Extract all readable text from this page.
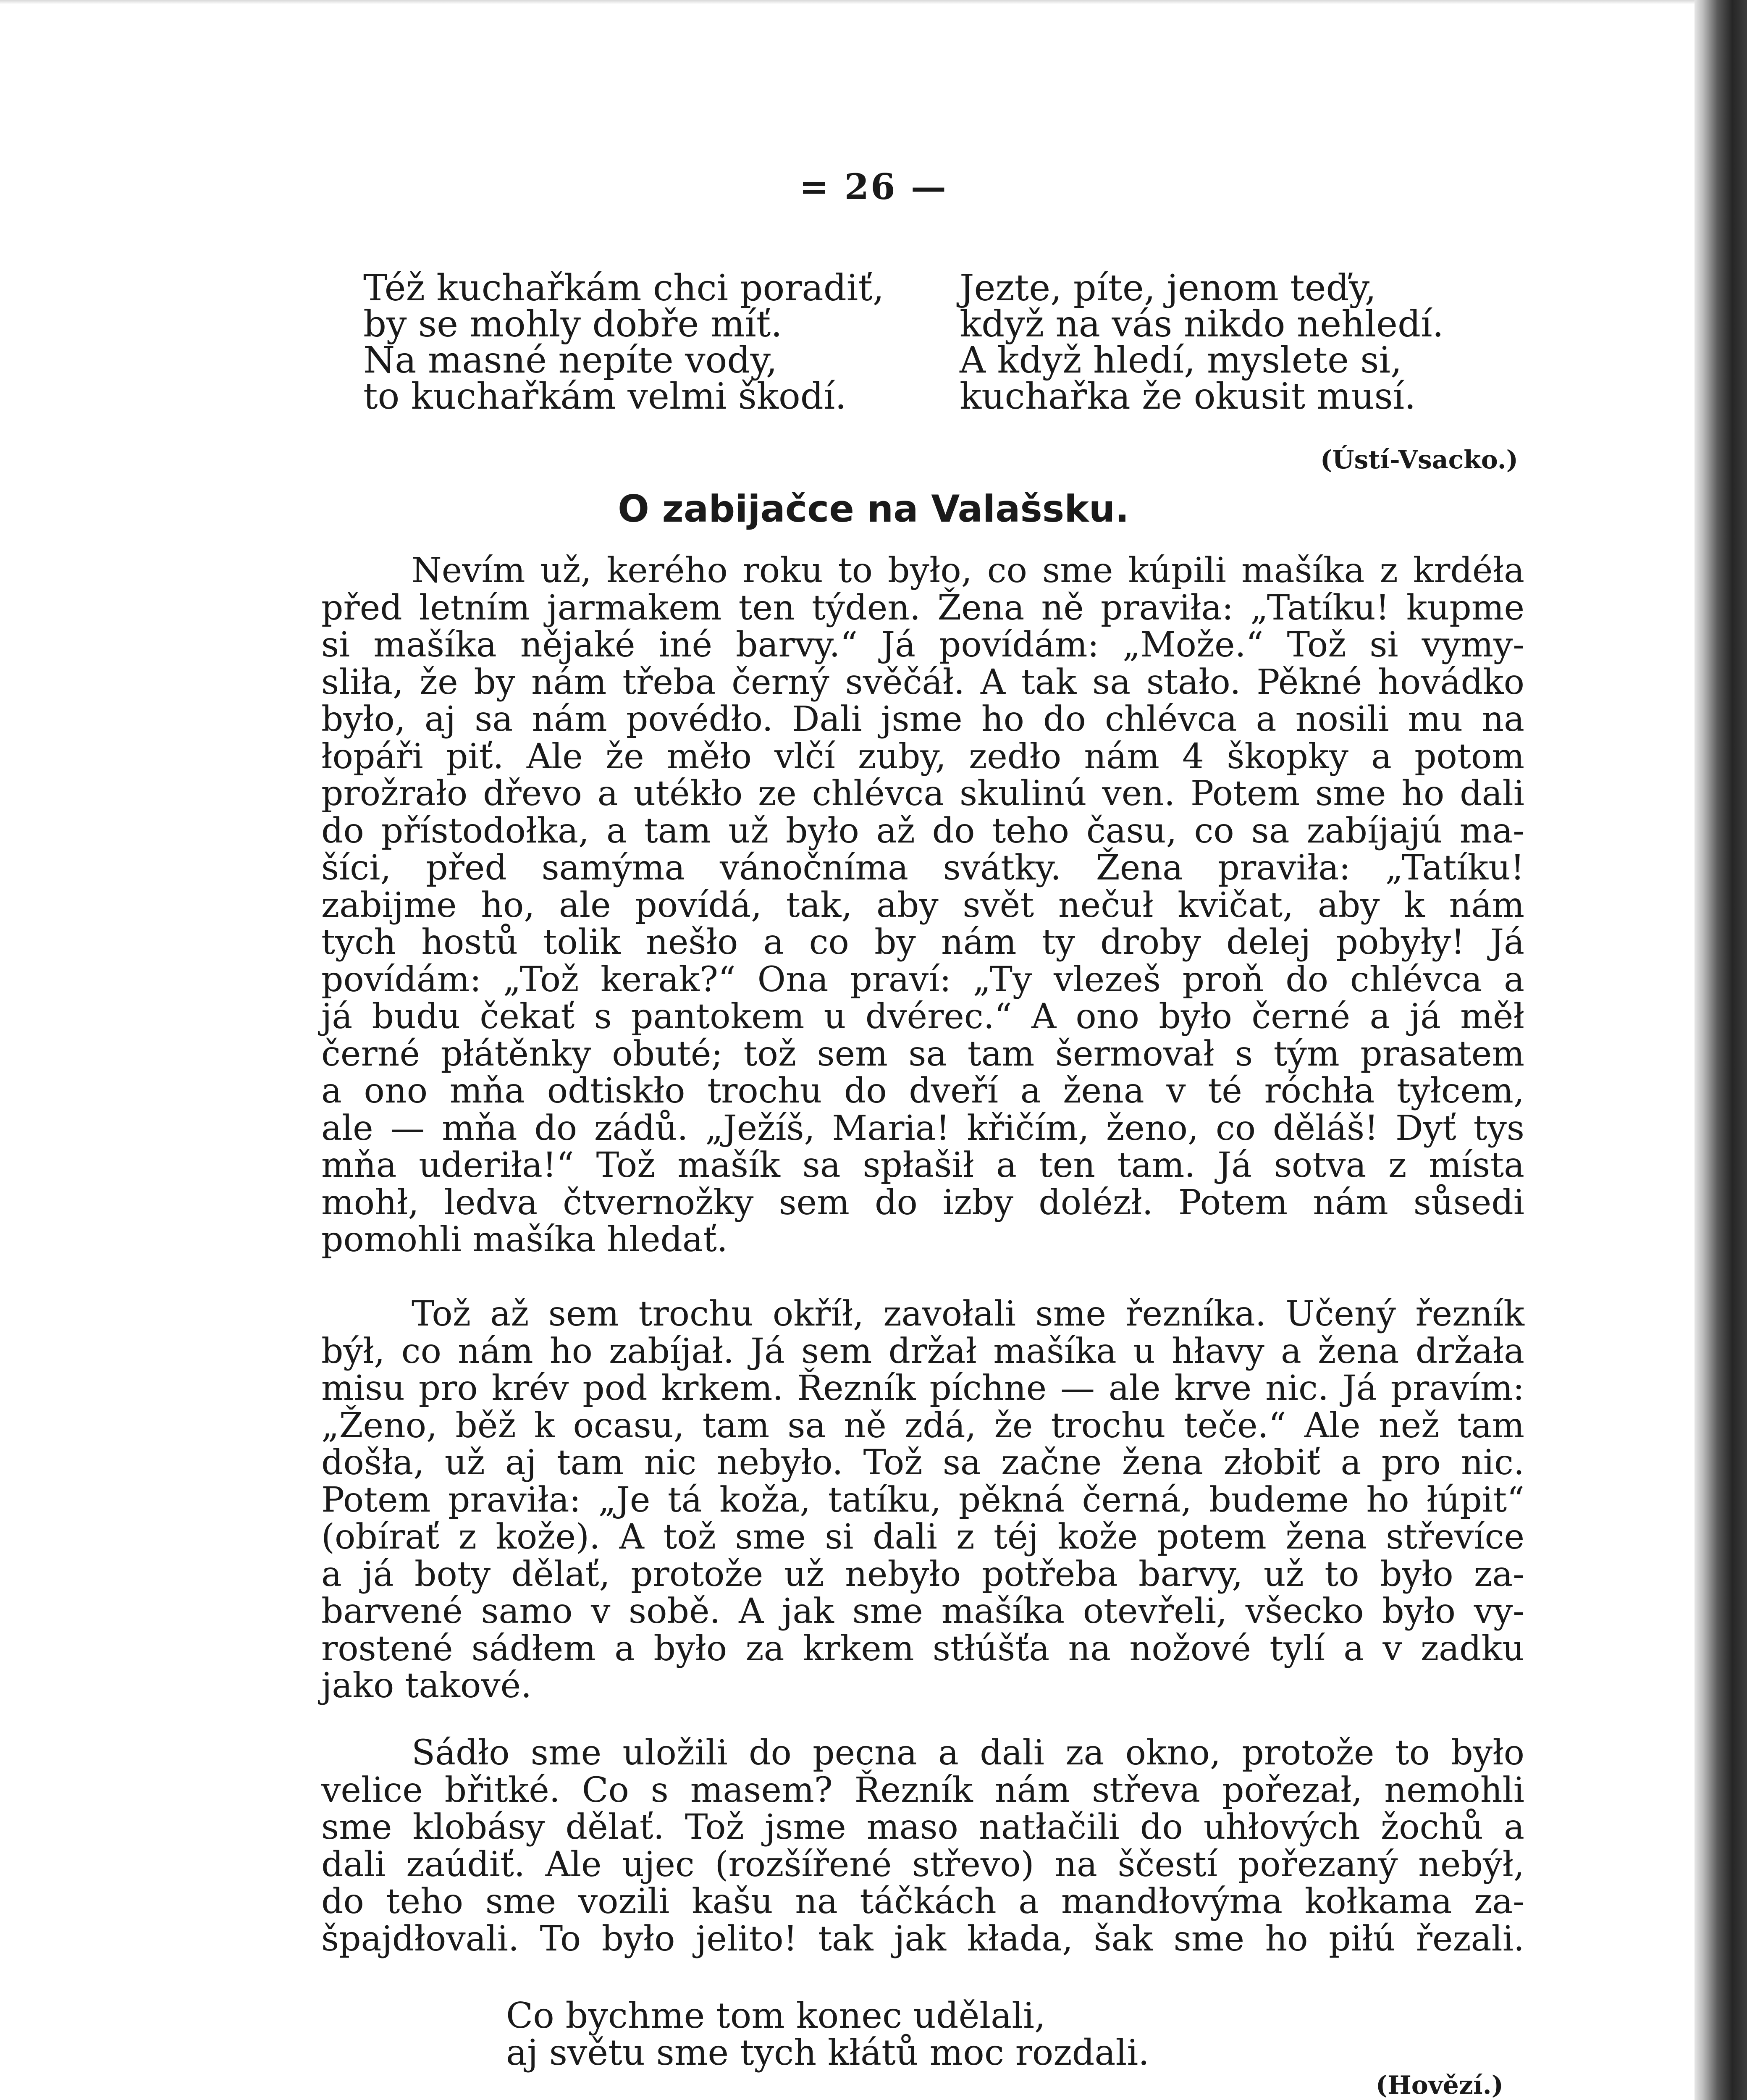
= 26 —
Též kuchařkám chci poradiť,
by se mohly dobře míť.
Na masné nepíte vody,
to kuchařkám velmi škodí.
Jezte, píte, jenom teďy,
když na vás nikdo nehledí.
A když hledí, myslete si,
kuchařka že okusit musí.
(Ústí-Vsacko.)
O zabijačce na Valašsku.
Nevím už, kerého roku to było, co sme kúpili mašíka z krdéła
před letním jarmakem ten týden. Žena ně praviła: „Tatíku! kupme
si mašíka nějaké iné barvy.“ Já povídám: „Može.“ Tož si vymy-
sliła, že by nám třeba černý svěčáł. A tak sa stało. Pěkné hovádko
było, aj sa nám povédło. Dali jsme ho do chlévca a nosili mu na
łopáři piť. Ale že měło vlčí zuby, zedło nám 4 škopky a potom
prožrało dřevo a utékło ze chlévca skulinú ven. Potem sme ho dali
do přístodołka, a tam už było až do teho času, co sa zabíjajú ma-
šíci, před samýma vánočníma svátky. Žena praviła: „Tatíku!
zabijme ho, ale povídá, tak, aby svět nečuł kvičat, aby k nám
tych hostů tolik nešło a co by nám ty droby delej pobyły! Já
povídám: „Tož kerak?“ Ona praví: „Ty vlezeš proň do chlévca a
já budu čekať s pantokem u dvérec.“ A ono było černé a já měł
černé płátěnky obuté; tož sem sa tam šermovał s tým prasatem
a ono mňa odtiskło trochu do dveří a žena v té róchła tyłcem,
ale — mňa do zádů. „Ježíš, Maria! křičím, ženo, co děláš! Dyť tys
mňa uderiła!“ Tož mašík sa spłašił a ten tam. Já sotva z místa
mohł, ledva čtvernožky sem do izby dolézł. Potem nám sůsedi
pomohli mašíka hledať.
Tož až sem trochu okříł, zavołali sme řezníka. Učený řezník
býł, co nám ho zabíjał. Já sem držał mašíka u hłavy a žena držała
misu pro krév pod krkem. Řezník píchne — ale krve nic. Já pravím:
„Ženo, běž k ocasu, tam sa ně zdá, že trochu teče.“ Ale než tam
došła, už aj tam nic nebyło. Tož sa začne žena złobiť a pro nic.
Potem praviła: „Je tá koža, tatíku, pěkná černá, budeme ho łúpit“
(obírať z kože). A tož sme si dali z téj kože potem žena střevíce
a já boty dělať, protože už nebyło potřeba barvy, už to było za-
barvené samo v sobě. A jak sme mašíka otevřeli, všecko było vy-
rostené sádłem a było za krkem stłúšťa na nožové tylí a v zadku
jako takové.
Sádło sme uložili do pecna a dali za okno, protože to było
velice břitké. Co s masem? Řezník nám střeva pořezał, nemohli
sme klobásy dělať. Tož jsme maso natłačili do uhłových žochů a
dali zaúdiť. Ale ujec (rozšířené střevo) na ščestí pořezaný nebýł,
do teho sme vozili kašu na táčkách a mandłovýma kołkama za-
špajdłovali. To było jelito! tak jak kłada, šak sme ho piłú řezali.
Co bychme tom konec udělali,
aj světu sme tych kłátů moc rozdali.
(Hovězí.)
